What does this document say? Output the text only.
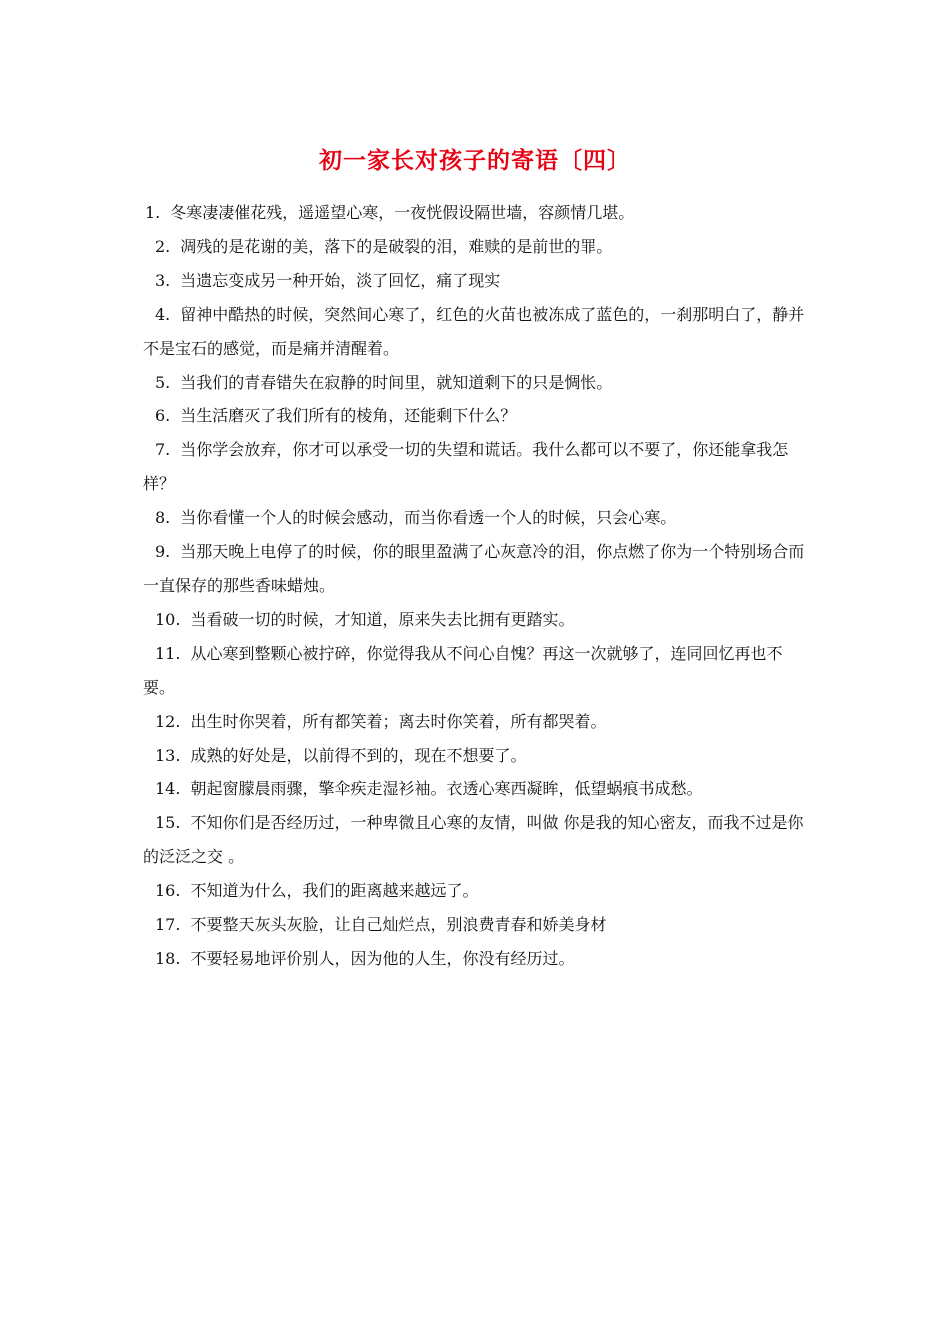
初一家长对孩子的寄语〔四〕

1. 冬寒凄凄催花残，遥遥望心寒，一夜恍假设隔世墙，容颜情几堪。

2. 凋残的是花谢的美，落下的是破裂的泪，难赎的是前世的罪。

3. 当遗忘变成另一种开始，淡了回忆，痛了现实

4. 留神中酷热的时候，突然间心寒了，红色的火苗也被冻成了蓝色的，一刹那明白了，静并不是宝石的感觉，而是痛并清醒着。

5. 当我们的青春错失在寂静的时间里，就知道剩下的只是惆怅。

6. 当生活磨灭了我们所有的棱角，还能剩下什么？

7. 当你学会放弃，你才可以承受一切的失望和谎话。我什么都可以不要了，你还能拿我怎样？

8. 当你看懂一个人的时候会感动，而当你看透一个人的时候，只会心寒。

9. 当那天晚上电停了的时候，你的眼里盈满了心灰意冷的泪，你点燃了你为一个特别场合而一直保存的那些香味蜡烛。

10. 当看破一切的时候，才知道，原来失去比拥有更踏实。

11. 从心寒到整颗心被拧碎，你觉得我从不问心自愧？再这一次就够了，连同回忆再也不要。

12. 出生时你哭着，所有都笑着；离去时你笑着，所有都哭着。

13. 成熟的好处是，以前得不到的，现在不想要了。

14. 朝起窗朦晨雨骤，擎伞疾走湿衫袖。衣透心寒西凝眸，低望蜗痕书成愁。

15. 不知你们是否经历过，一种卑微且心寒的友情，叫做 你是我的知心密友，而我不过是你的泛泛之交 。

16. 不知道为什么，我们的距离越来越远了。

17. 不要整天灰头灰脸，让自己灿烂点，别浪费青春和娇美身材

18. 不要轻易地评价别人，因为他的人生，你没有经历过。
